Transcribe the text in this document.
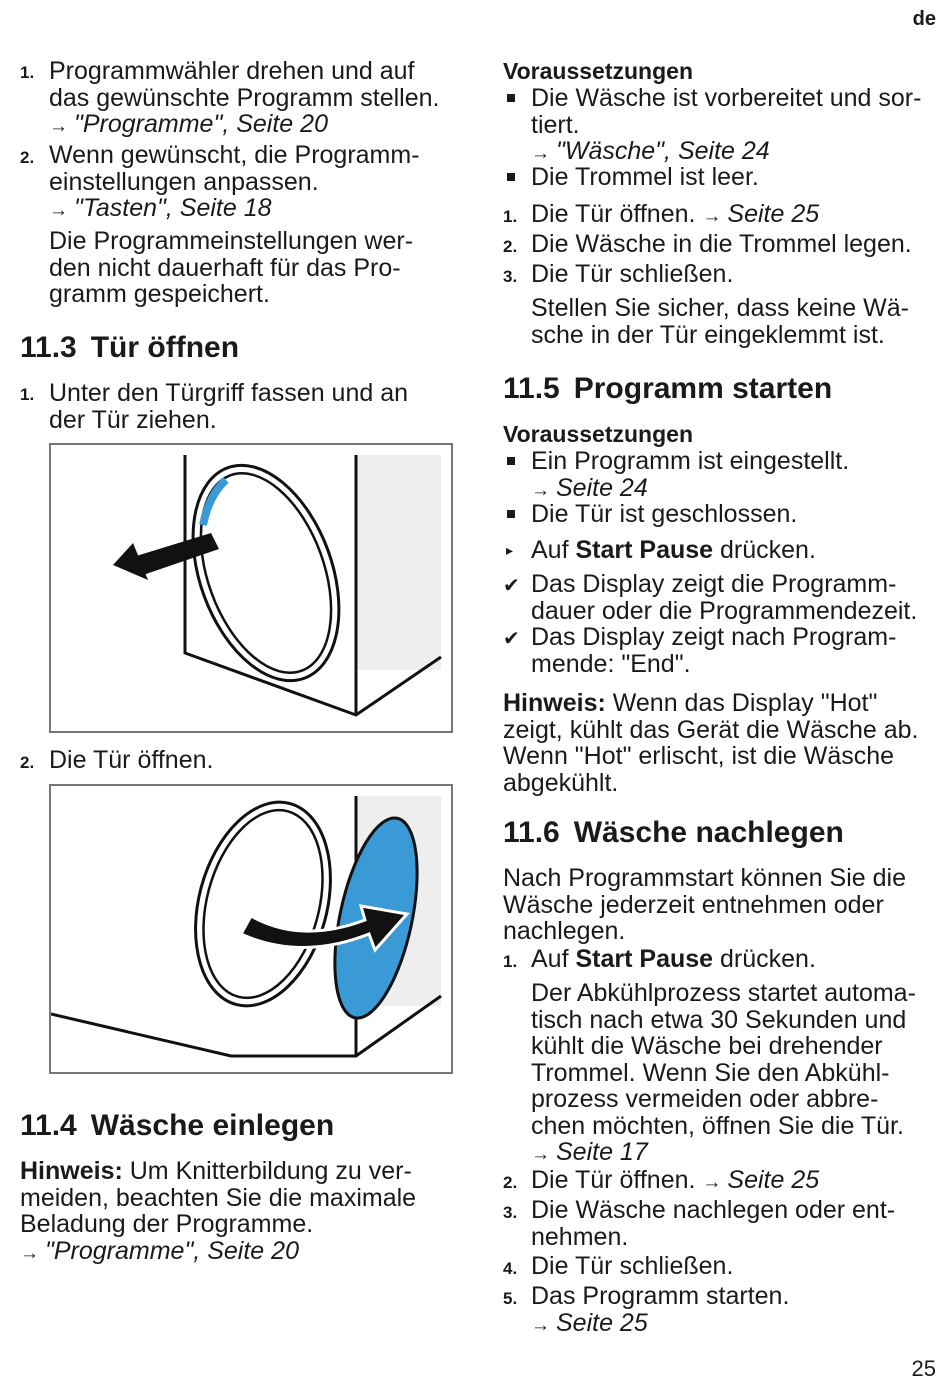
de
25
1. Programmwähler drehen und auf
das gewünschte Programm stellen.
→ "Programme", Seite 20
2. Wenn gewünscht, die Programm-
einstellungen anpassen.
→ "Tasten", Seite 18
Die Programmeinstellungen wer-
den nicht dauerhaft für das Pro-
gramm gespeichert.
11.3 Tür öffnen
1. Unter den Türgriff fassen und an
der Tür ziehen.
2. Die Tür öffnen.
11.4 Wäsche einlegen
Hinweis: Um Knitterbildung zu ver-
meiden, beachten Sie die maximale
Beladung der Programme.
→ "Programme", Seite 20
Voraussetzungen
Die Wäsche ist vorbereitet und sor-
tiert.
→ "Wäsche", Seite 24
Die Trommel ist leer.
1. Die Tür öffnen. → Seite 25
2. Die Wäsche in die Trommel legen.
3. Die Tür schließen.
Stellen Sie sicher, dass keine Wä-
sche in der Tür eingeklemmt ist.
11.5 Programm starten
Voraussetzungen
Ein Programm ist eingestellt.
→ Seite 24
Die Tür ist geschlossen.
▸ Auf Start Pause drücken.
✔ Das Display zeigt die Programm-
dauer oder die Programmendezeit.
✔ Das Display zeigt nach Program-
mende: "End".
Hinweis: Wenn das Display "Hot"
zeigt, kühlt das Gerät die Wäsche ab.
Wenn "Hot" erlischt, ist die Wäsche
abgekühlt.
11.6 Wäsche nachlegen
Nach Programmstart können Sie die
Wäsche jederzeit entnehmen oder
nachlegen.
1. Auf Start Pause drücken.
Der Abkühlprozess startet automa-
tisch nach etwa 30 Sekunden und
kühlt die Wäsche bei drehender
Trommel. Wenn Sie den Abkühl-
prozess vermeiden oder abbre-
chen möchten, öffnen Sie die Tür.
→ Seite 17
2. Die Tür öffnen. → Seite 25
3. Die Wäsche nachlegen oder ent-
nehmen.
4. Die Tür schließen.
5. Das Programm starten.
→ Seite 25
